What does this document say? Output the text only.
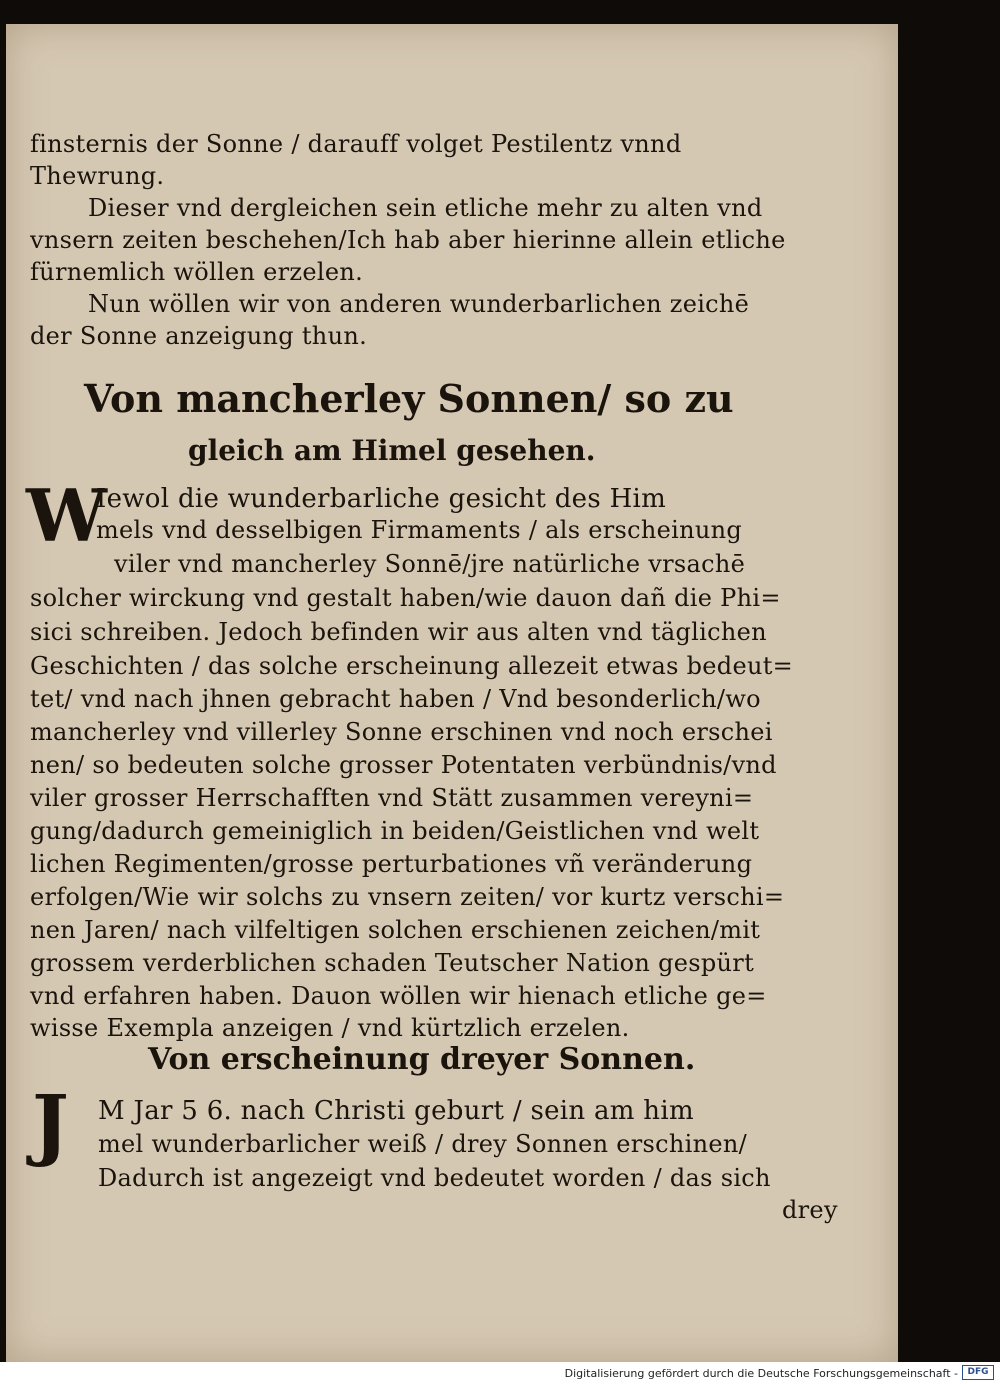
finsternis der Sonne / darauff volget Pestilentz vnnd
Thewrung.
Dieser vnd dergleichen sein etliche mehr zu alten vnd
vnsern zeiten beschehen/Ich hab aber hierinne allein etliche
fürnemlich wöllen erzelen.
Nun wöllen wir von anderen wunderbarlichen zeichē
der Sonne anzeigung thun.
Von mancherley Sonnen/ so zu
gleich am Himel gesehen.
W
Iewol die wunderbarliche gesicht des Him
mels vnd desselbigen Firmaments / als erscheinung
viler vnd mancherley Sonnē/jre natürliche vrsachē
solcher wirckung vnd gestalt haben/wie dauon dañ die Phi=
sici schreiben. Jedoch befinden wir aus alten vnd täglichen
Geschichten / das solche erscheinung allezeit etwas bedeut=
tet/ vnd nach jhnen gebracht haben / Vnd besonderlich/wo
mancherley vnd villerley Sonne erschinen vnd noch erschei
nen/ so bedeuten solche grosser Potentaten verbündnis/vnd
viler grosser Herrschafften vnd Stätt zusammen vereyni=
gung/dadurch gemeiniglich in beiden/Geistlichen vnd welt
lichen Regimenten/grosse perturbationes vñ veränderung
erfolgen/Wie wir solchs zu vnsern zeiten/ vor kurtz verschi=
nen Jaren/ nach vilfeltigen solchen erschienen zeichen/mit
grossem verderblichen schaden Teutscher Nation gespürt
vnd erfahren haben. Dauon wöllen wir hienach etliche ge=
wisse Exempla anzeigen / vnd kürtzlich erzelen.
Von erscheinung dreyer Sonnen.
J M Jar 5 6. nach Christi geburt / sein am him
mel wunderbarlicher weiß / drey Sonnen erschinen/
Dadurch ist angezeigt vnd bedeutet worden / das sich
drey
Digitalisierung gefördert durch die Deutsche Forschungsgemeinschaft -	DFG
